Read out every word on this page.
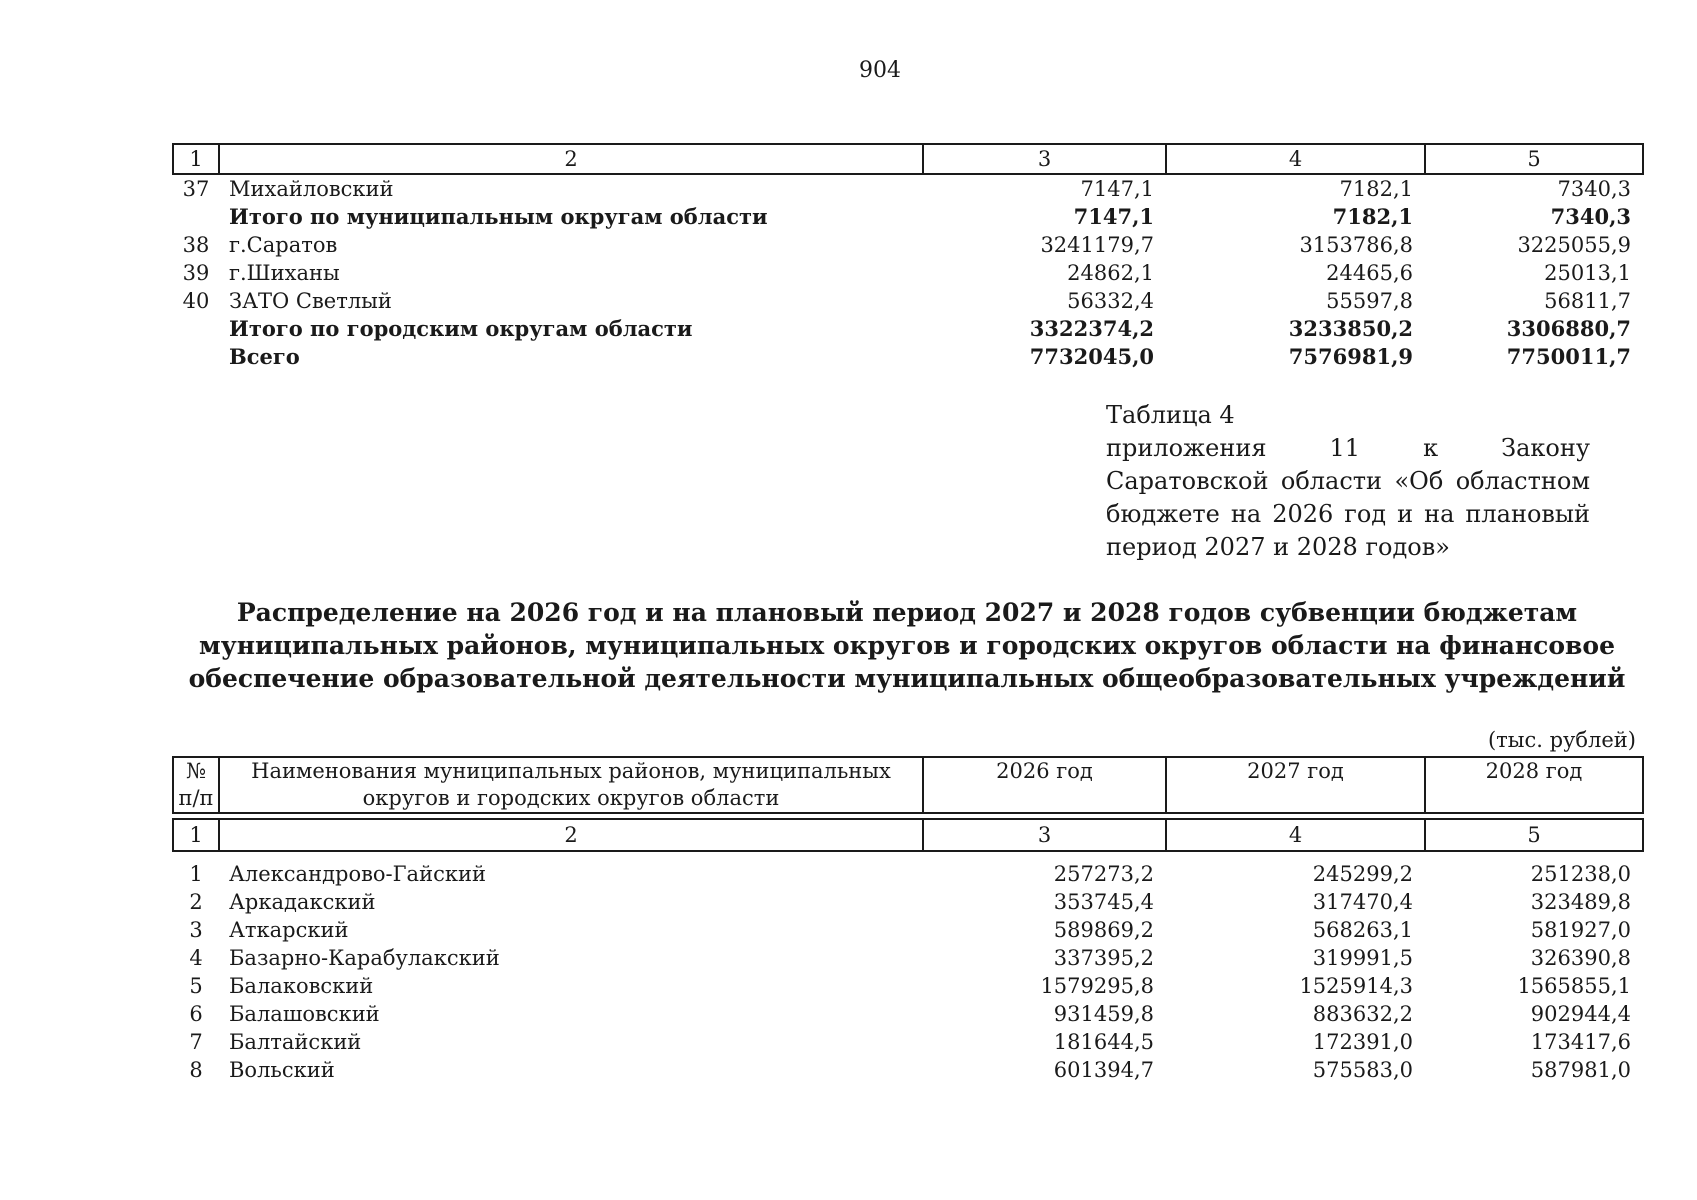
904
1	2	3	4	5
37	Михайловский	7147,1	7182,1	7340,3
	Итого по муниципальным округам области	7147,1	7182,1	7340,3
38	г.Саратов	3241179,7	3153786,8	3225055,9
39	г.Шиханы	24862,1	24465,6	25013,1
40	ЗАТО Светлый	56332,4	55597,8	56811,7
	Итого по городским округам области	3322374,2	3233850,2	3306880,7
	Всего	7732045,0	7576981,9	7750011,7
Таблица 4
приложения 11 к Закону Саратовской области «Об областном бюджете на 2026 год и на плановый период 2027 и 2028 годов»
Распределение на 2026 год и на плановый период 2027 и 2028 годов субвенции бюджетам муниципальных районов, муниципальных округов и городских округов области на финансовое обеспечение образовательной деятельности муниципальных общеобразовательных учреждений
(тыс. рублей)
№ п/п	Наименования муниципальных районов, муниципальных округов и городских округов области	2026 год	2027 год	2028 год

1	2	3	4	5

1	Александрово-Гайский	257273,2	245299,2	251238,0
2	Аркадакский	353745,4	317470,4	323489,8
3	Аткарский	589869,2	568263,1	581927,0
4	Базарно-Карабулакский	337395,2	319991,5	326390,8
5	Балаковский	1579295,8	1525914,3	1565855,1
6	Балашовский	931459,8	883632,2	902944,4
7	Балтайский	181644,5	172391,0	173417,6
8	Вольский	601394,7	575583,0	587981,0
